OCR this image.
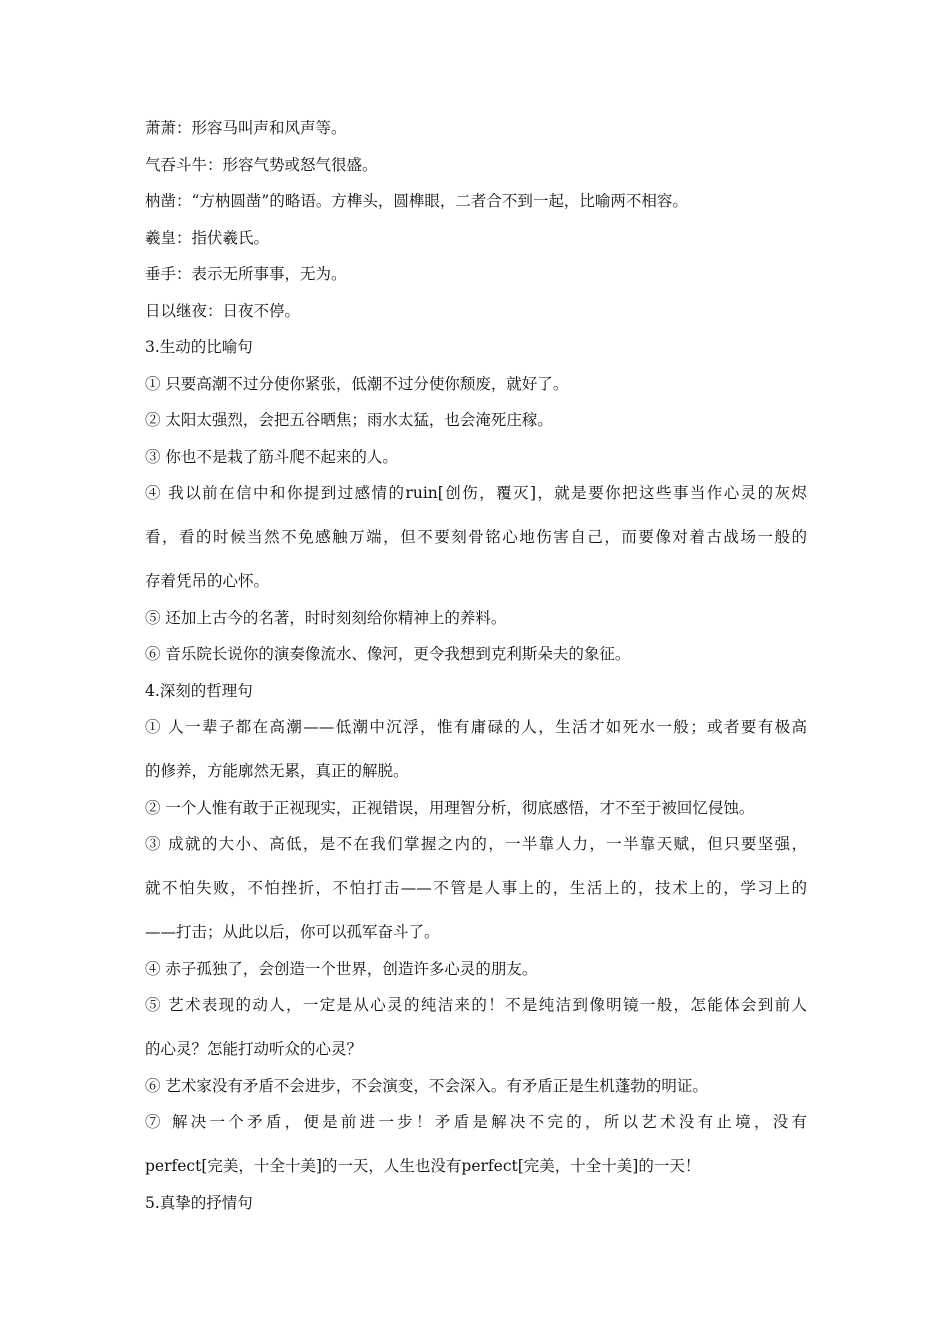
萧萧：形容马叫声和风声等。
气吞斗牛：形容气势或怒气很盛。
枘凿：“方枘圆凿”的略语。方榫头，圆榫眼，二者合不到一起，比喻两不相容。
羲皇：指伏羲氏。
垂手：表示无所事事，无为。
日以继夜：日夜不停。
3.生动的比喻句
① 只要高潮不过分使你紧张，低潮不过分使你颓废，就好了。
② 太阳太强烈，会把五谷晒焦；雨水太猛，也会淹死庄稼。
③ 你也不是栽了筋斗爬不起来的人。
④ 我以前在信中和你提到过感情的ruin[创伤，覆灭]，就是要你把这些事当作心灵的灰烬
看，看的时候当然不免感触万端，但不要刻骨铭心地伤害自己，而要像对着古战场一般的
存着凭吊的心怀。
⑤ 还加上古今的名著，时时刻刻给你精神上的养料。
⑥ 音乐院长说你的演奏像流水、像河，更令我想到克利斯朵夫的象征。
4.深刻的哲理句
① 人一辈子都在高潮——低潮中沉浮，惟有庸碌的人，生活才如死水一般；或者要有极高
的修养，方能廓然无累，真正的解脱。
② 一个人惟有敢于正视现实，正视错误，用理智分析，彻底感悟，才不至于被回忆侵蚀。
③ 成就的大小、高低，是不在我们掌握之内的，一半靠人力，一半靠天赋，但只要坚强，
就不怕失败，不怕挫折，不怕打击——不管是人事上的，生活上的，技术上的，学习上的
——打击；从此以后，你可以孤军奋斗了。
④ 赤子孤独了，会创造一个世界，创造许多心灵的朋友。
⑤ 艺术表现的动人，一定是从心灵的纯洁来的！不是纯洁到像明镜一般，怎能体会到前人
的心灵？怎能打动听众的心灵？
⑥ 艺术家没有矛盾不会进步，不会演变，不会深入。有矛盾正是生机蓬勃的明证。
⑦ 解决一个矛盾，便是前进一步！矛盾是解决不完的，所以艺术没有止境，没有
perfect[完美，十全十美]的一天，人生也没有perfect[完美，十全十美]的一天！
5.真挚的抒情句
